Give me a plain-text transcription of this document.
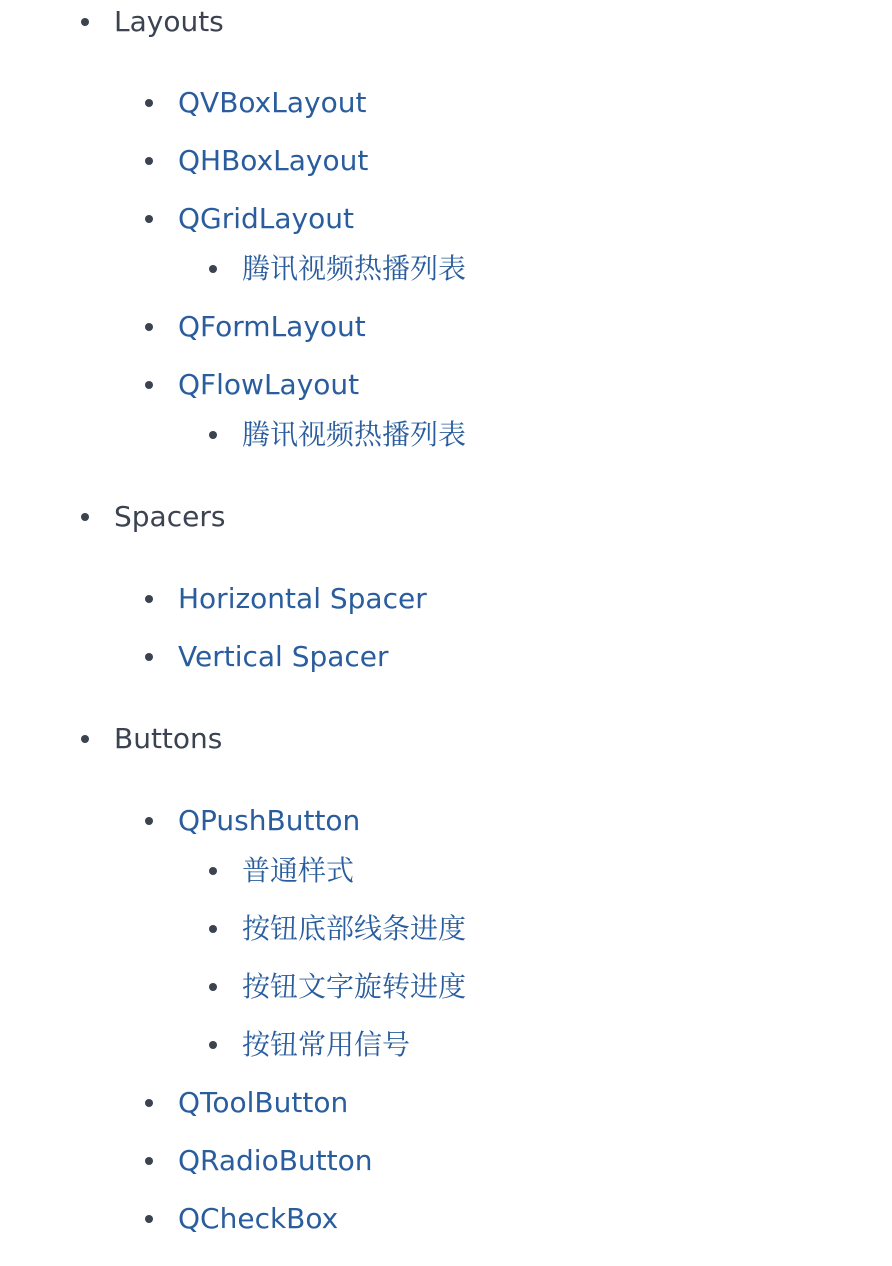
Layouts
QVBoxLayout
QHBoxLayout
QGridLayout
腾讯视频热播列表
QFormLayout
QFlowLayout
腾讯视频热播列表
Spacers
Horizontal Spacer
Vertical Spacer
Buttons
QPushButton
普通样式
按钮底部线条进度
按钮文字旋转进度
按钮常用信号
QToolButton
QRadioButton
QCheckBox
